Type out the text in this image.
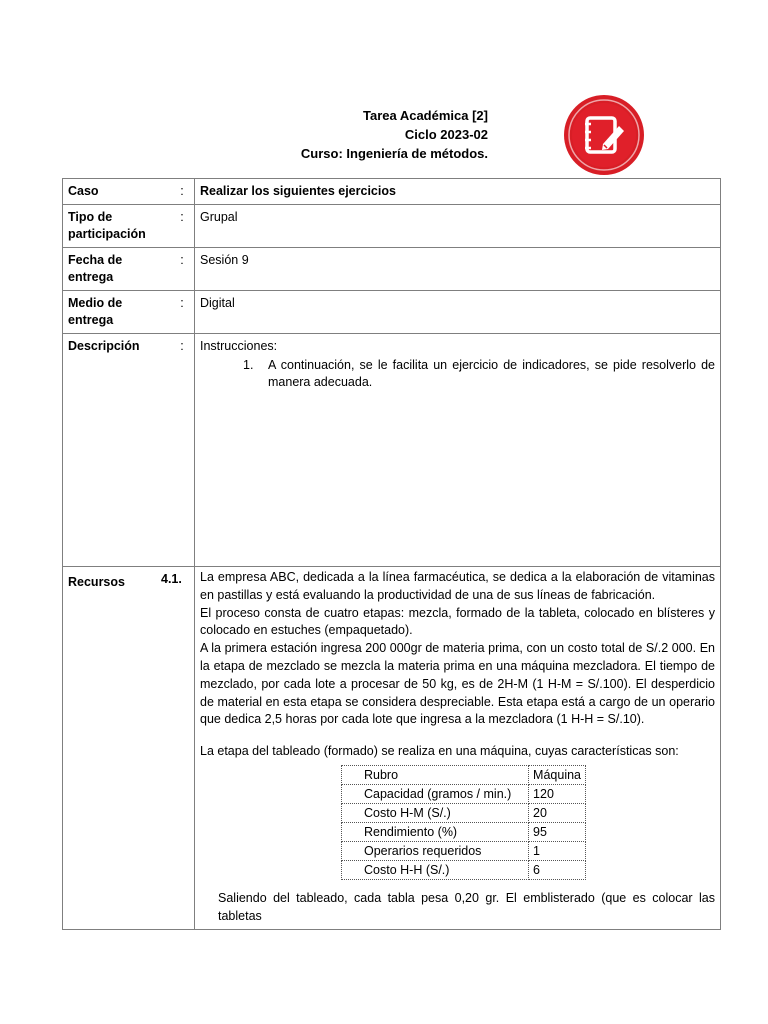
Tarea Académica [2]
Ciclo 2023-02
Curso: Ingeniería de métodos.
Caso	:	Realizar los siguientes ejercicios

Tipo de
participación
	:	Grupal

Fecha de
entrega
	:	Sesión 9

Medio de
entrega
	:	Digital
Descripción	:	Instrucciones:
1.	A continuación, se le facilita un ejercicio de indicadores, se pide resolverlo de manera adecuada.

Recursos	4.1.		La empresa ABC, dedicada a la línea farmacéutica, se dedica a la elaboración de vitaminas en pastillas y está evaluando la productividad de una de sus líneas de fabricación.

El proceso consta de cuatro etapas: mezcla, formado de la tableta, colocado en blísteres y colocado en estuches (empaquetado).

A la primera estación ingresa 200 000gr de materia prima, con un costo total de S/.2 000. En la etapa de mezclado se mezcla la materia prima en una máquina mezcladora. El tiempo de mezclado, por cada lote a procesar de 50 kg, es de 2H-M (1 H-M = S/.100). El desperdicio de material en esta etapa se considera despreciable. Esta etapa está a cargo de un operario que dedica 2,5 horas por cada lote que ingresa a la mezcladora (1 H-H = S/.10).

La etapa del tableado (formado) se realiza en una máquina, cuyas características son:

Rubro	Máquina
Capacidad (gramos / min.)	120
Costo H-M (S/.)	20
Rendimiento (%)	95
Operarios requeridos	1
Costo H-H (S/.)	6

Saliendo del tableado, cada tabla pesa 0,20 gr. El emblisterado (que es colocar las tabletas
